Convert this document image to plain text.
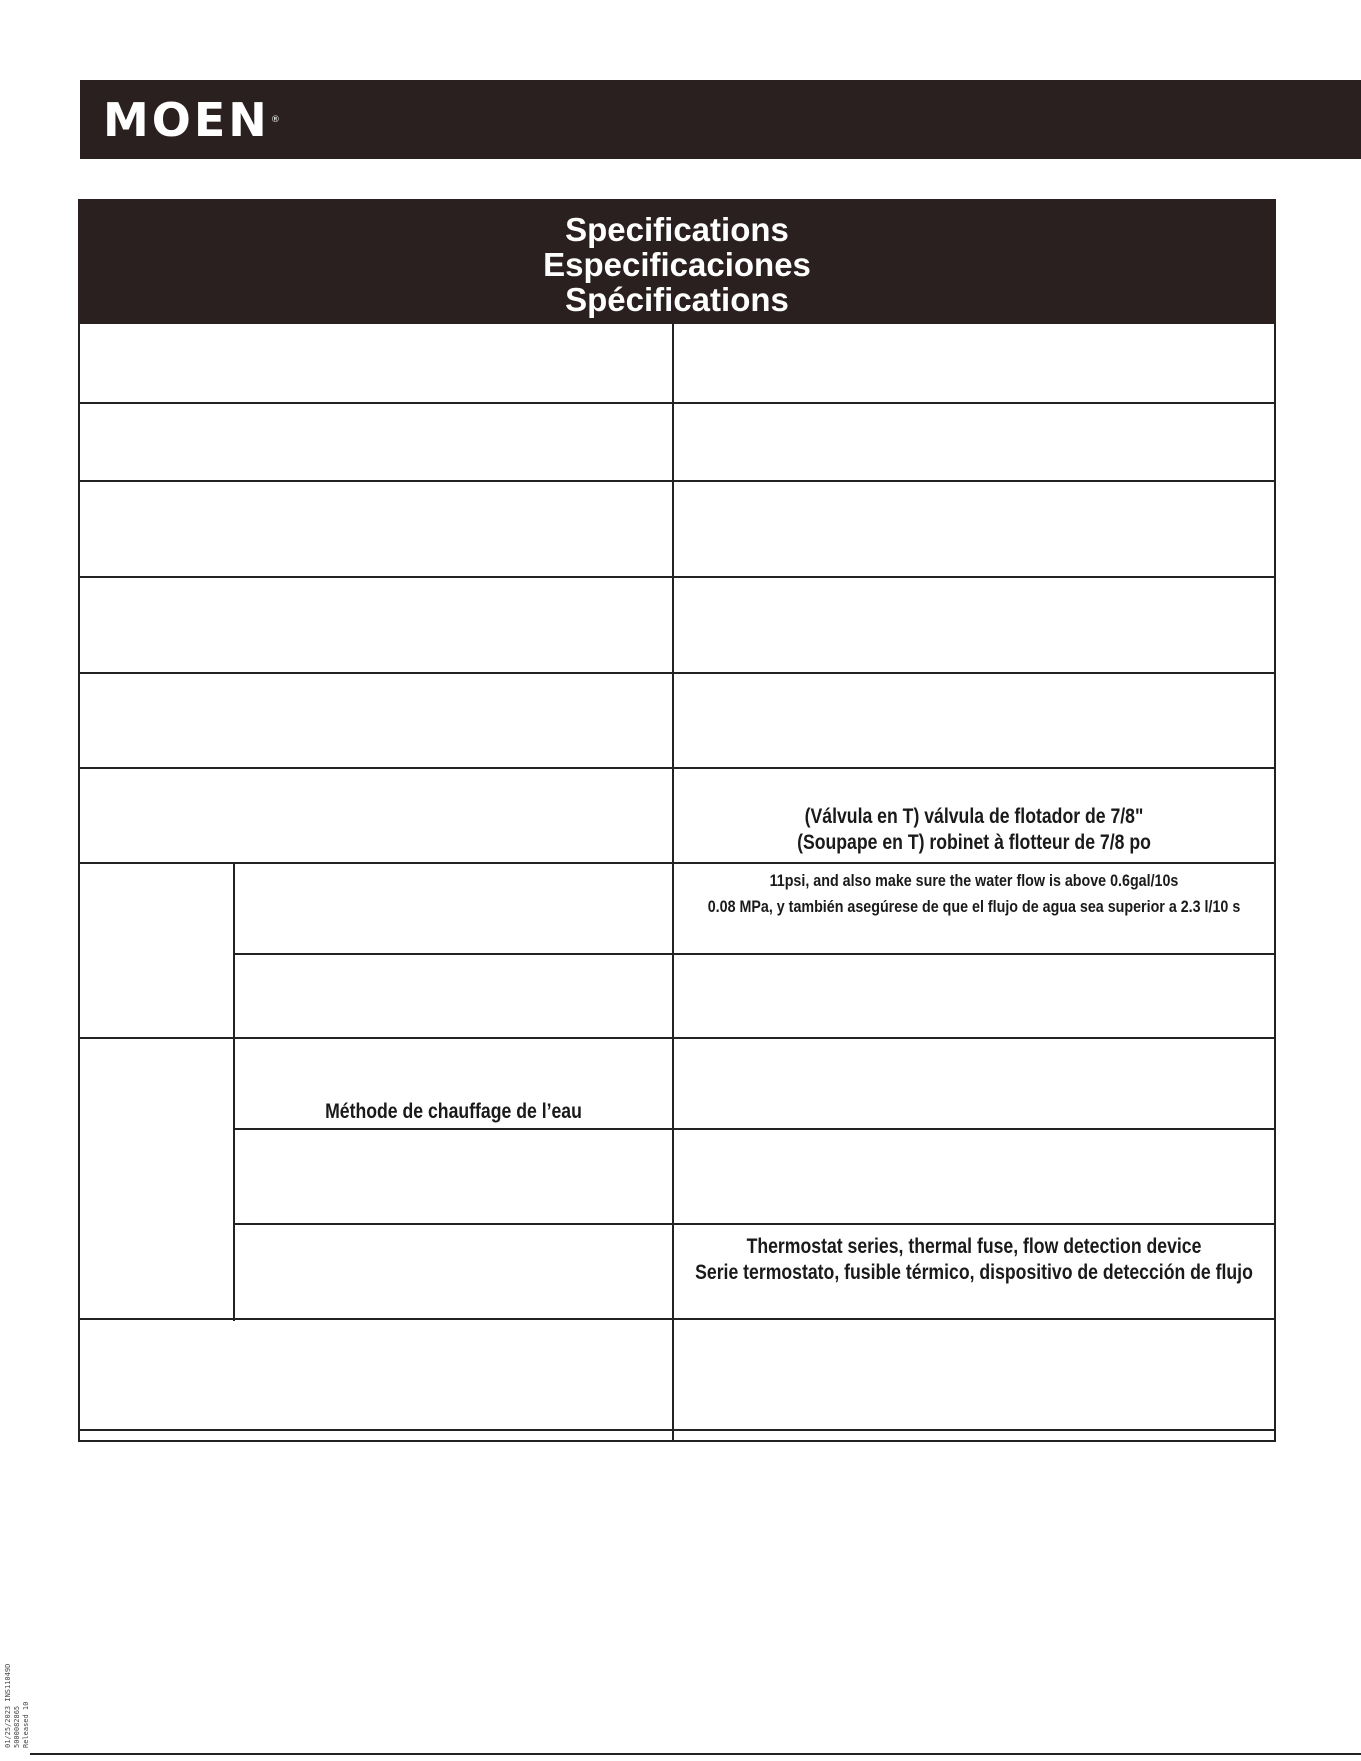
MOEN®
Specifications
Especificaciones
Spécifications
(Válvula en T) válvula de flotador de 7/8"
(Soupape en T) robinet à flotteur de 7/8 po
11psi, and also make sure the water flow is above 0.6gal/10s
0.08 MPa, y también asegúrese de que el flujo de agua sea superior a 2.3 l/10 s
Méthode de chauffage de l’eau
Thermostat series, thermal fuse, flow detection device
Serie termostato, fusible térmico, dispositivo de detección de flujo
01/25/2023 INS11049D 5000082865
Released 10
